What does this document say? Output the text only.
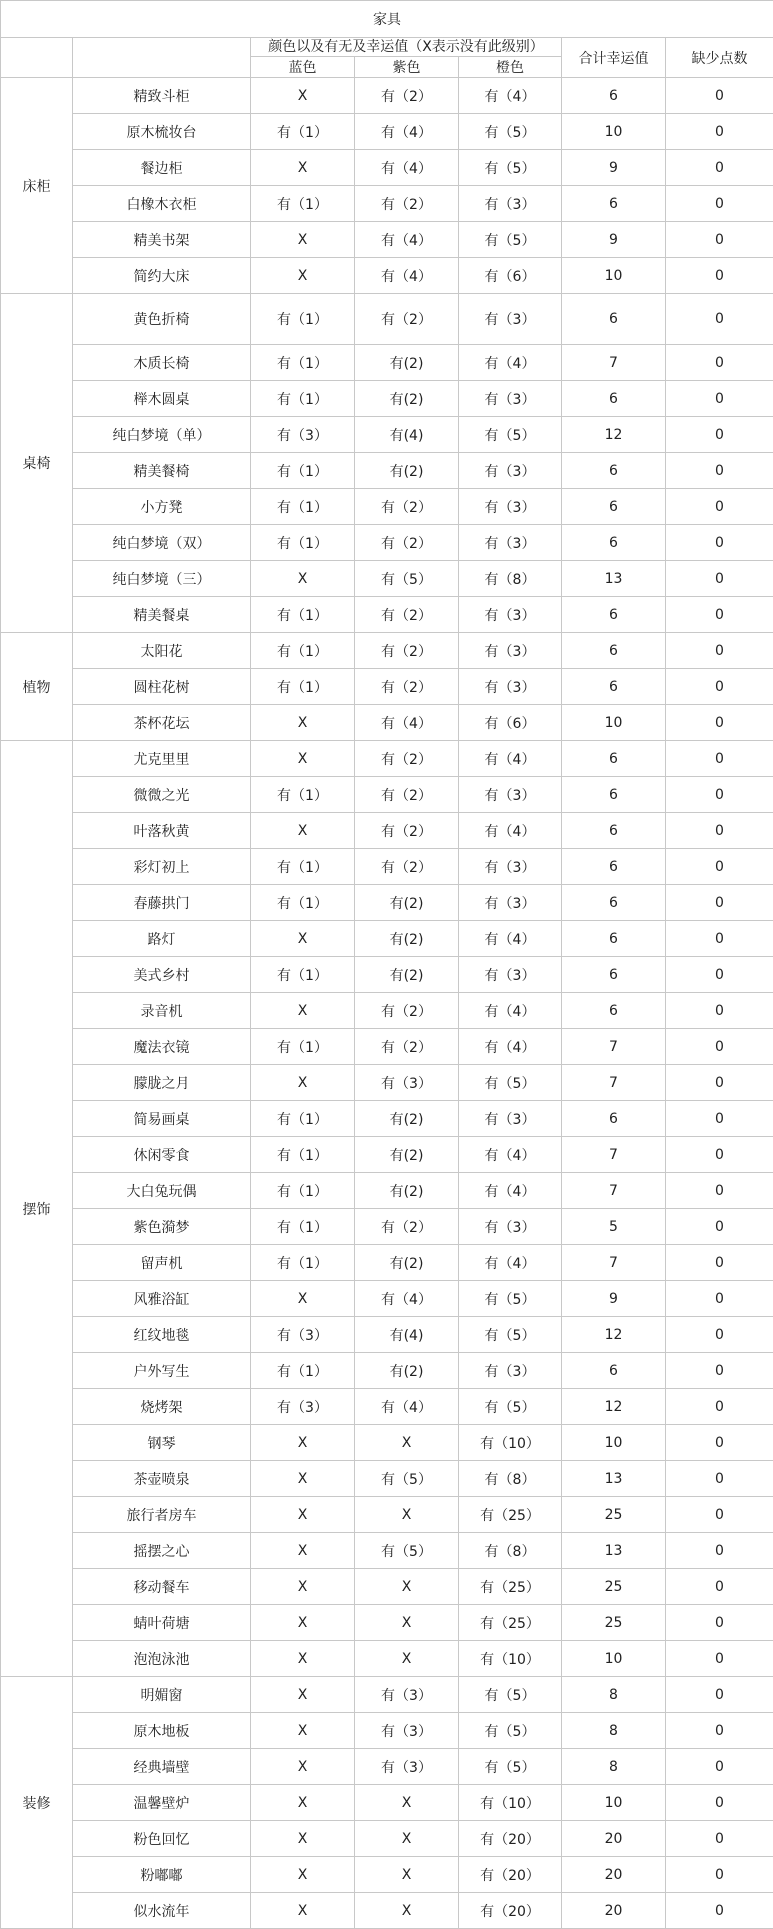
家具						
		颜色以及有无及幸运值（X表示没有此级别）			合计幸运值	缺少点数
		蓝色	紫色	橙色		
床柜	精致斗柜	X	有（2）	有（4）	6	0
	原木梳妆台	有（1）	有（4）	有（5）	10	0
	餐边柜	X	有（4）	有（5）	9	0
	白橡木衣柜	有（1）	有（2）	有（3）	6	0
	精美书架	X	有（4）	有（5）	9	0
	简约大床	X	有（4）	有（6）	10	0
桌椅	黄色折椅	有（1）	有（2）	有（3）	6	0
	木质长椅	有（1）	有(2)	有（4）	7	0
	榉木圆桌	有（1）	有(2)	有（3）	6	0
	纯白梦境（单）	有（3）	有(4)	有（5）	12	0
	精美餐椅	有（1）	有(2)	有（3）	6	0
	小方凳	有（1）	有（2）	有（3）	6	0
	纯白梦境（双）	有（1）	有（2）	有（3）	6	0
	纯白梦境（三）	X	有（5）	有（8）	13	0
	精美餐桌	有（1）	有（2）	有（3）	6	0
植物	太阳花	有（1）	有（2）	有（3）	6	0
	圆柱花树	有（1）	有（2）	有（3）	6	0
	茶杯花坛	X	有（4）	有（6）	10	0
摆饰	尤克里里	X	有（2）	有（4）	6	0
	微微之光	有（1）	有（2）	有（3）	6	0
	叶落秋黄	X	有（2）	有（4）	6	0
	彩灯初上	有（1）	有（2）	有（3）	6	0
	春藤拱门	有（1）	有(2)	有（3）	6	0
	路灯	X	有(2)	有（4）	6	0
	美式乡村	有（1）	有(2)	有（3）	6	0
	录音机	X	有（2）	有（4）	6	0
	魔法衣镜	有（1）	有（2）	有（4）	7	0
	朦胧之月	X	有（3）	有（5）	7	0
	简易画桌	有（1）	有(2)	有（3）	6	0
	休闲零食	有（1）	有(2)	有（4）	7	0
	大白兔玩偶	有（1）	有(2)	有（4）	7	0
	紫色漪梦	有（1）	有（2）	有（3）	5	0
	留声机	有（1）	有(2)	有（4）	7	0
	风雅浴缸	X	有（4）	有（5）	9	0
	红纹地毯	有（3）	有(4)	有（5）	12	0
	户外写生	有（1）	有(2)	有（3）	6	0
	烧烤架	有（3）	有（4）	有（5）	12	0
	钢琴	X	X	有（10）	10	0
	茶壶喷泉	X	有（5）	有（8）	13	0
	旅行者房车	X	X	有（25）	25	0
	摇摆之心	X	有（5）	有（8）	13	0
	移动餐车	X	X	有（25）	25	0
	蜻叶荷塘	X	X	有（25）	25	0
	泡泡泳池	X	X	有（10）	10	0
装修	明媚窗	X	有（3）	有（5）	8	0
	原木地板	X	有（3）	有（5）	8	0
	经典墙壁	X	有（3）	有（5）	8	0
	温馨壁炉	X	X	有（10）	10	0
	粉色回忆	X	X	有（20）	20	0
	粉嘟嘟	X	X	有（20）	20	0
	似水流年	X	X	有（20）	20	0
